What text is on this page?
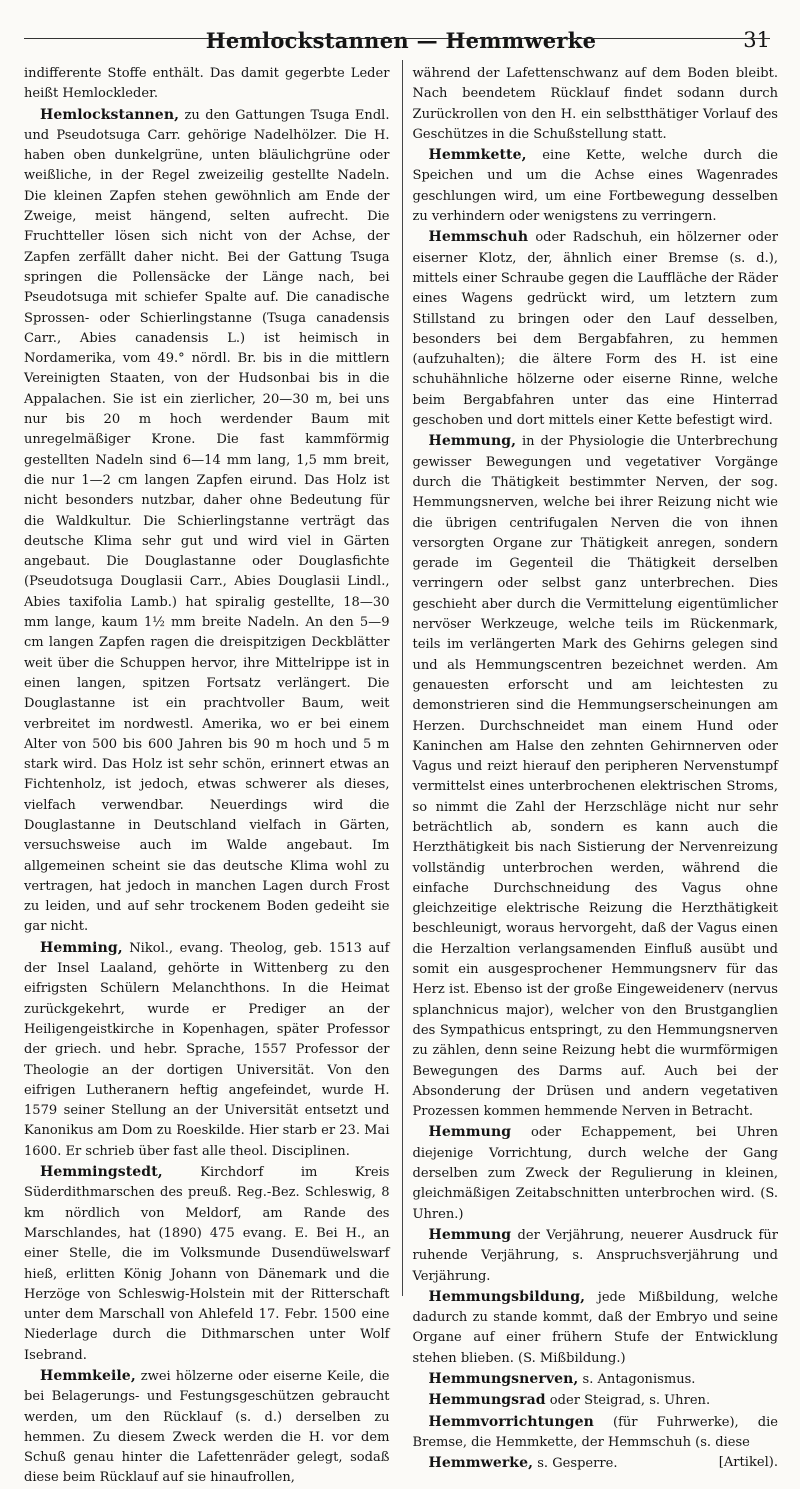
Hemlockstannen — Hemmwerke	31

indifferente Stoffe enthält. Das damit gegerbte Leder heißt Hemlockleder.

Hemlockstannen, zu den Gattungen Tsuga Endl. und Pseudotsuga Carr. gehörige Nadelhölzer. Die H. haben oben dunkelgrüne, unten bläulichgrüne oder weißliche, in der Regel zweizeilig gestellte Nadeln. Die kleinen Zapfen stehen gewöhnlich am Ende der Zweige, meist hängend, selten aufrecht. Die Fruchtteller lösen sich nicht von der Achse, der Zapfen zerfällt daher nicht. Bei der Gattung Tsuga springen die Pollensäcke der Länge nach, bei Pseudotsuga mit schiefer Spalte auf. Die canadische Sprossen- oder Schierlingstanne (Tsuga canadensis Carr., Abies canadensis L.) ist heimisch in Nordamerika, vom 49.° nördl. Br. bis in die mittlern Vereinigten Staaten, von der Hudsonbai bis in die Appalachen. Sie ist ein zierlicher, 20—30 m, bei uns nur bis 20 m hoch werdender Baum mit unregelmäßiger Krone. Die fast kammförmig gestellten Nadeln sind 6—14 mm lang, 1,5 mm breit, die nur 1—2 cm langen Zapfen eirund. Das Holz ist nicht besonders nutzbar, daher ohne Bedeutung für die Waldkultur. Die Schierlingstanne verträgt das deutsche Klima sehr gut und wird viel in Gärten angebaut. Die Douglastanne oder Douglasfichte (Pseudotsuga Douglasii Carr., Abies Douglasii Lindl., Abies taxifolia Lamb.) hat spiralig gestellte, 18—30 mm lange, kaum 1½ mm breite Nadeln. An den 5—9 cm langen Zapfen ragen die dreispitzigen Deckblätter weit über die Schuppen hervor, ihre Mittelrippe ist in einen langen, spitzen Fortsatz verlängert. Die Douglastanne ist ein prachtvoller Baum, weit verbreitet im nordwestl. Amerika, wo er bei einem Alter von 500 bis 600 Jahren bis 90 m hoch und 5 m stark wird. Das Holz ist sehr schön, erinnert etwas an Fichtenholz, ist jedoch, etwas schwerer als dieses, vielfach verwendbar. Neuerdings wird die Douglastanne in Deutschland vielfach in Gärten, versuchsweise auch im Walde angebaut. Im allgemeinen scheint sie das deutsche Klima wohl zu vertragen, hat jedoch in manchen Lagen durch Frost zu leiden, und auf sehr trockenem Boden gedeiht sie gar nicht.

Hemming, Nikol., evang. Theolog, geb. 1513 auf der Insel Laaland, gehörte in Wittenberg zu den eifrigsten Schülern Melanchthons. In die Heimat zurückgekehrt, wurde er Prediger an der Heiligengeistkirche in Kopenhagen, später Professor der griech. und hebr. Sprache, 1557 Professor der Theologie an der dortigen Universität. Von den eifrigen Lutheranern heftig angefeindet, wurde H. 1579 seiner Stellung an der Universität entsetzt und Kanonikus am Dom zu Roeskilde. Hier starb er 23. Mai 1600. Er schrieb über fast alle theol. Disciplinen.

Hemmingstedt,	Kirchdorf im Kreis Süderdithmarschen des preuß. Reg.-Bez. Schleswig, 8 km nördlich von Meldorf, am Rande des Marschlandes, hat (1890) 475 evang. E. Bei H., an einer Stelle, die im Volksmunde Dusendüwelswarf hieß, erlitten König Johann von Dänemark und die Herzöge von Schleswig-Holstein mit der Ritterschaft unter dem Marschall von Ahlefeld 17. Febr. 1500 eine Niederlage durch die Dithmarschen unter Wolf Isebrand.

Hemmkeile, zwei hölzerne oder eiserne Keile, die bei Belagerungs- und Festungsgeschützen gebraucht werden, um den Rücklauf (s. d.) derselben zu hemmen. Zu diesem Zweck werden die H. vor dem Schuß genau hinter die Lafettenräder gelegt, sodaß diese beim Rücklauf auf sie hinaufrollen,

während der Lafettenschwanz auf dem Boden bleibt. Nach beendetem Rücklauf findet sodann durch Zurückrollen von den H. ein selbstthätiger Vorlauf des Geschützes in die Schußstellung statt.

Hemmkette, eine Kette, welche durch die Speichen und um die Achse eines Wagenrades geschlungen wird, um eine Fortbewegung desselben zu verhindern oder wenigstens zu verringern.

Hemmschuh oder Radschuh, ein hölzerner oder eiserner Klotz, der, ähnlich einer Bremse (s. d.), mittels einer Schraube gegen die Lauffläche der Räder eines Wagens gedrückt wird, um letztern zum Stillstand zu bringen oder den Lauf desselben, besonders bei dem Bergabfahren, zu hemmen (aufzuhalten); die ältere Form des H. ist eine schuhähnliche hölzerne oder eiserne Rinne, welche beim Bergabfahren unter das eine Hinterrad geschoben und dort mittels einer Kette befestigt wird.

Hemmung, in der Physiologie die Unterbrechung gewisser Bewegungen und vegetativer Vorgänge durch die Thätigkeit bestimmter Nerven, der sog. Hemmungsnerven, welche bei ihrer Reizung nicht wie die übrigen centrifugalen Nerven die von ihnen versorgten Organe zur Thätigkeit anregen, sondern gerade im Gegenteil die Thätigkeit derselben verringern oder selbst ganz unterbrechen. Dies geschieht aber durch die Vermittelung eigentümlicher nervöser Werkzeuge, welche teils im Rückenmark, teils im verlängerten Mark des Gehirns gelegen sind und als Hemmungscentren bezeichnet werden. Am genauesten erforscht und am leichtesten zu demonstrieren sind die Hemmungserscheinungen am Herzen. Durchschneidet man einem Hund oder Kaninchen am Halse den zehnten Gehirnnerven oder Vagus und reizt hierauf den peripheren Nervenstumpf vermittelst eines unterbrochenen elektrischen Stroms, so nimmt die Zahl der Herzschläge nicht nur sehr beträchtlich ab, sondern es kann auch die Herzthätigkeit bis nach Sistierung der Nervenreizung vollständig unterbrochen werden, während die einfache Durchschneidung des Vagus ohne gleichzeitige elektrische Reizung die Herzthätigkeit beschleunigt, woraus hervorgeht, daß der Vagus einen die Herzaltion verlangsamenden Einfluß ausübt und somit ein ausgesprochener Hemmungsnerv für das Herz ist. Ebenso ist der große Eingeweidenerv (nervus splanchnicus major), welcher von den Brustganglien des Sympathicus entspringt, zu den Hemmungsnerven zu zählen, denn seine Reizung hebt die wurmförmigen Bewegungen des Darms auf. Auch bei der Absonderung der Drüsen und andern vegetativen Prozessen kommen hemmende Nerven in Betracht.

Hemmung oder Echappement, bei Uhren diejenige Vorrichtung, durch welche der Gang derselben zum Zweck der Regulierung in kleinen, gleichmäßigen Zeitabschnitten unterbrochen wird. (S. Uhren.)

Hemmung der Verjährung, neuerer Ausdruck für ruhende Verjährung, s. Anspruchsverjährung und Verjährung.

Hemmungsbildung, jede Mißbildung, welche dadurch zu stande kommt, daß der Embryo und seine Organe auf einer frühern Stufe der Entwicklung stehen blieben. (S. Mißbildung.)

Hemmungsnerven, s. Antagonismus.

Hemmungsrad oder Steigrad, s. Uhren.

Hemmvorrichtungen (für Fuhrwerke), die Bremse, die Hemmkette, der Hemmschuh (s. diese

Hemmwerke, s. Gesperre.	[Artikel).
